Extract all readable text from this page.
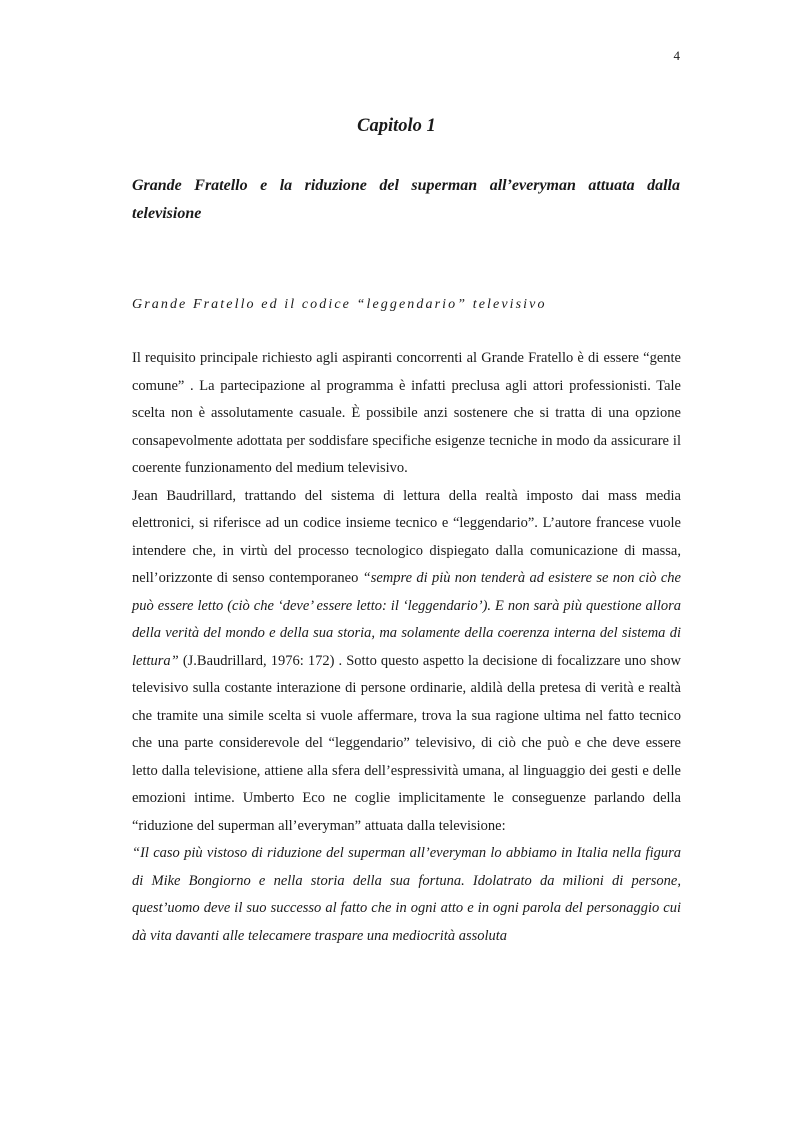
4
Capitolo 1
Grande Fratello e la riduzione del superman all’everyman attuata dalla
televisione
Grande Fratello ed il codice “leggendario” televisivo

Il requisito principale richiesto agli aspiranti concorrenti al Grande Fratello è di essere “gente comune” . La partecipazione al programma è infatti preclusa agli attori professionisti. Tale scelta non è assolutamente casuale. È possibile anzi sostenere che si tratta di una opzione consapevolmente adottata per soddisfare specifiche esigenze tecniche in modo da assicurare il coerente funzionamento del medium televisivo.

Jean Baudrillard, trattando del sistema di lettura della realtà imposto dai mass media elettronici, si riferisce ad un codice insieme tecnico e “leggendario”. L’autore francese vuole intendere che, in virtù del processo tecnologico dispiegato dalla comunicazione di massa, nell’orizzonte di senso contemporaneo “sempre di più non tenderà ad esistere se non ciò che può essere letto (ciò che ‘deve’ essere letto: il ‘leggendario’). E non sarà più questione allora della verità del mondo e della sua storia, ma solamente della coerenza interna del sistema di lettura” (J.Baudrillard, 1976: 172) . Sotto questo aspetto la decisione di focalizzare uno show televisivo sulla costante interazione di persone ordinarie, aldilà della pretesa di verità e realtà che tramite una simile scelta si vuole affermare, trova la sua ragione ultima nel fatto tecnico che una parte considerevole del “leggendario” televisivo, di ciò che può e che deve essere letto dalla televisione, attiene alla sfera dell’espressività umana, al linguaggio dei gesti e delle emozioni intime. Umberto Eco ne coglie implicitamente le conseguenze parlando della “riduzione del superman all’everyman” attuata dalla televisione:

“Il caso più vistoso di riduzione del superman all’everyman lo abbiamo in Italia nella figura di Mike Bongiorno e nella storia della sua fortuna. Idolatrato da milioni di persone, quest’uomo deve il suo successo al fatto che in ogni atto e in ogni parola del personaggio cui dà vita davanti alle telecamere traspare una mediocrità assoluta
